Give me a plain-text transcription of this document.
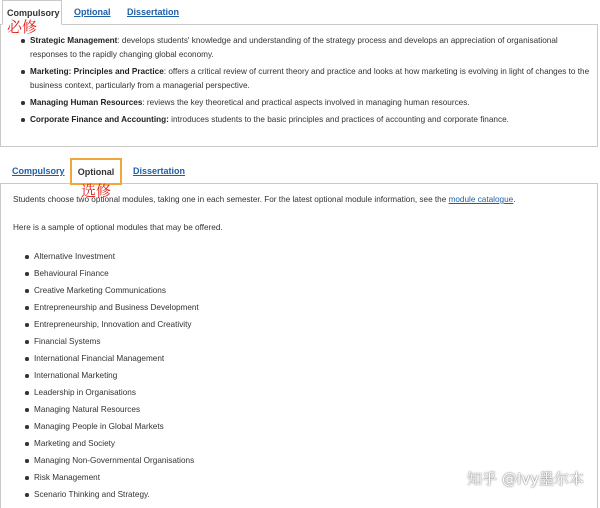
Compulsory	Optional	Dissertation
必修
Strategic Management: develops students' knowledge and understanding of the strategy process and develops an appreciation of organisational responses to the rapidly changing global economy.
Marketing: Principles and Practice: offers a critical review of current theory and practice and looks at how marketing is evolving in light of changes to the business context, particularly from a managerial perspective.
Managing Human Resources: reviews the key theoretical and practical aspects involved in managing human resources.
Corporate Finance and Accounting: introduces students to the basic principles and practices of accounting and corporate finance.
Compulsory	Optional	Dissertation
Students choose two optional modules, taking one in each semester. For the latest optional module information, see the module catalogue.
Here is a sample of optional modules that may be offered.
Alternative Investment
Behavioural Finance
Creative Marketing Communications
Entrepreneurship and Business Development
Entrepreneurship, Innovation and Creativity
Financial Systems
International Financial Management
International Marketing
Leadership in Organisations
Managing Natural Resources
Managing People in Global Markets
Marketing and Society
Managing Non-Governmental Organisations
Risk Management
Scenario Thinking and Strategy.
选修
知乎 @Ivy墨尔本
